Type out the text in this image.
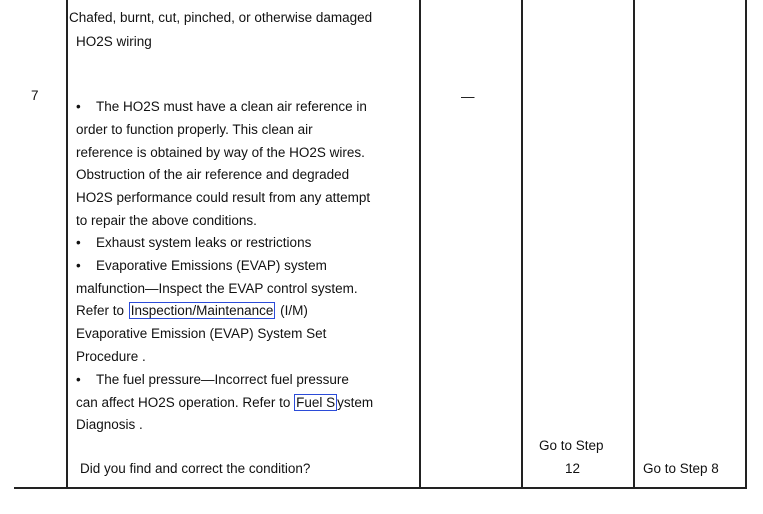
7
Chafed, burnt, cut, pinched, or otherwise damaged
HO2S wiring
• The HO2S must have a clean air reference in
order to function properly. This clean air
reference is obtained by way of the HO2S wires.
Obstruction of the air reference and degraded
HO2S performance could result from any attempt
to repair the above conditions.
• Exhaust system leaks or restrictions
• Evaporative Emissions (EVAP) system
malfunction—Inspect the EVAP control system.
Refer to Inspection/Maintenance (I/M)
Evaporative Emission (EVAP) System Set
Procedure .
• The fuel pressure—Incorrect fuel pressure
can affect HO2S operation. Refer to Fuel S ystem
Diagnosis .
Did you find and correct the condition?
—
Go to Step
12	Go to Step 8
